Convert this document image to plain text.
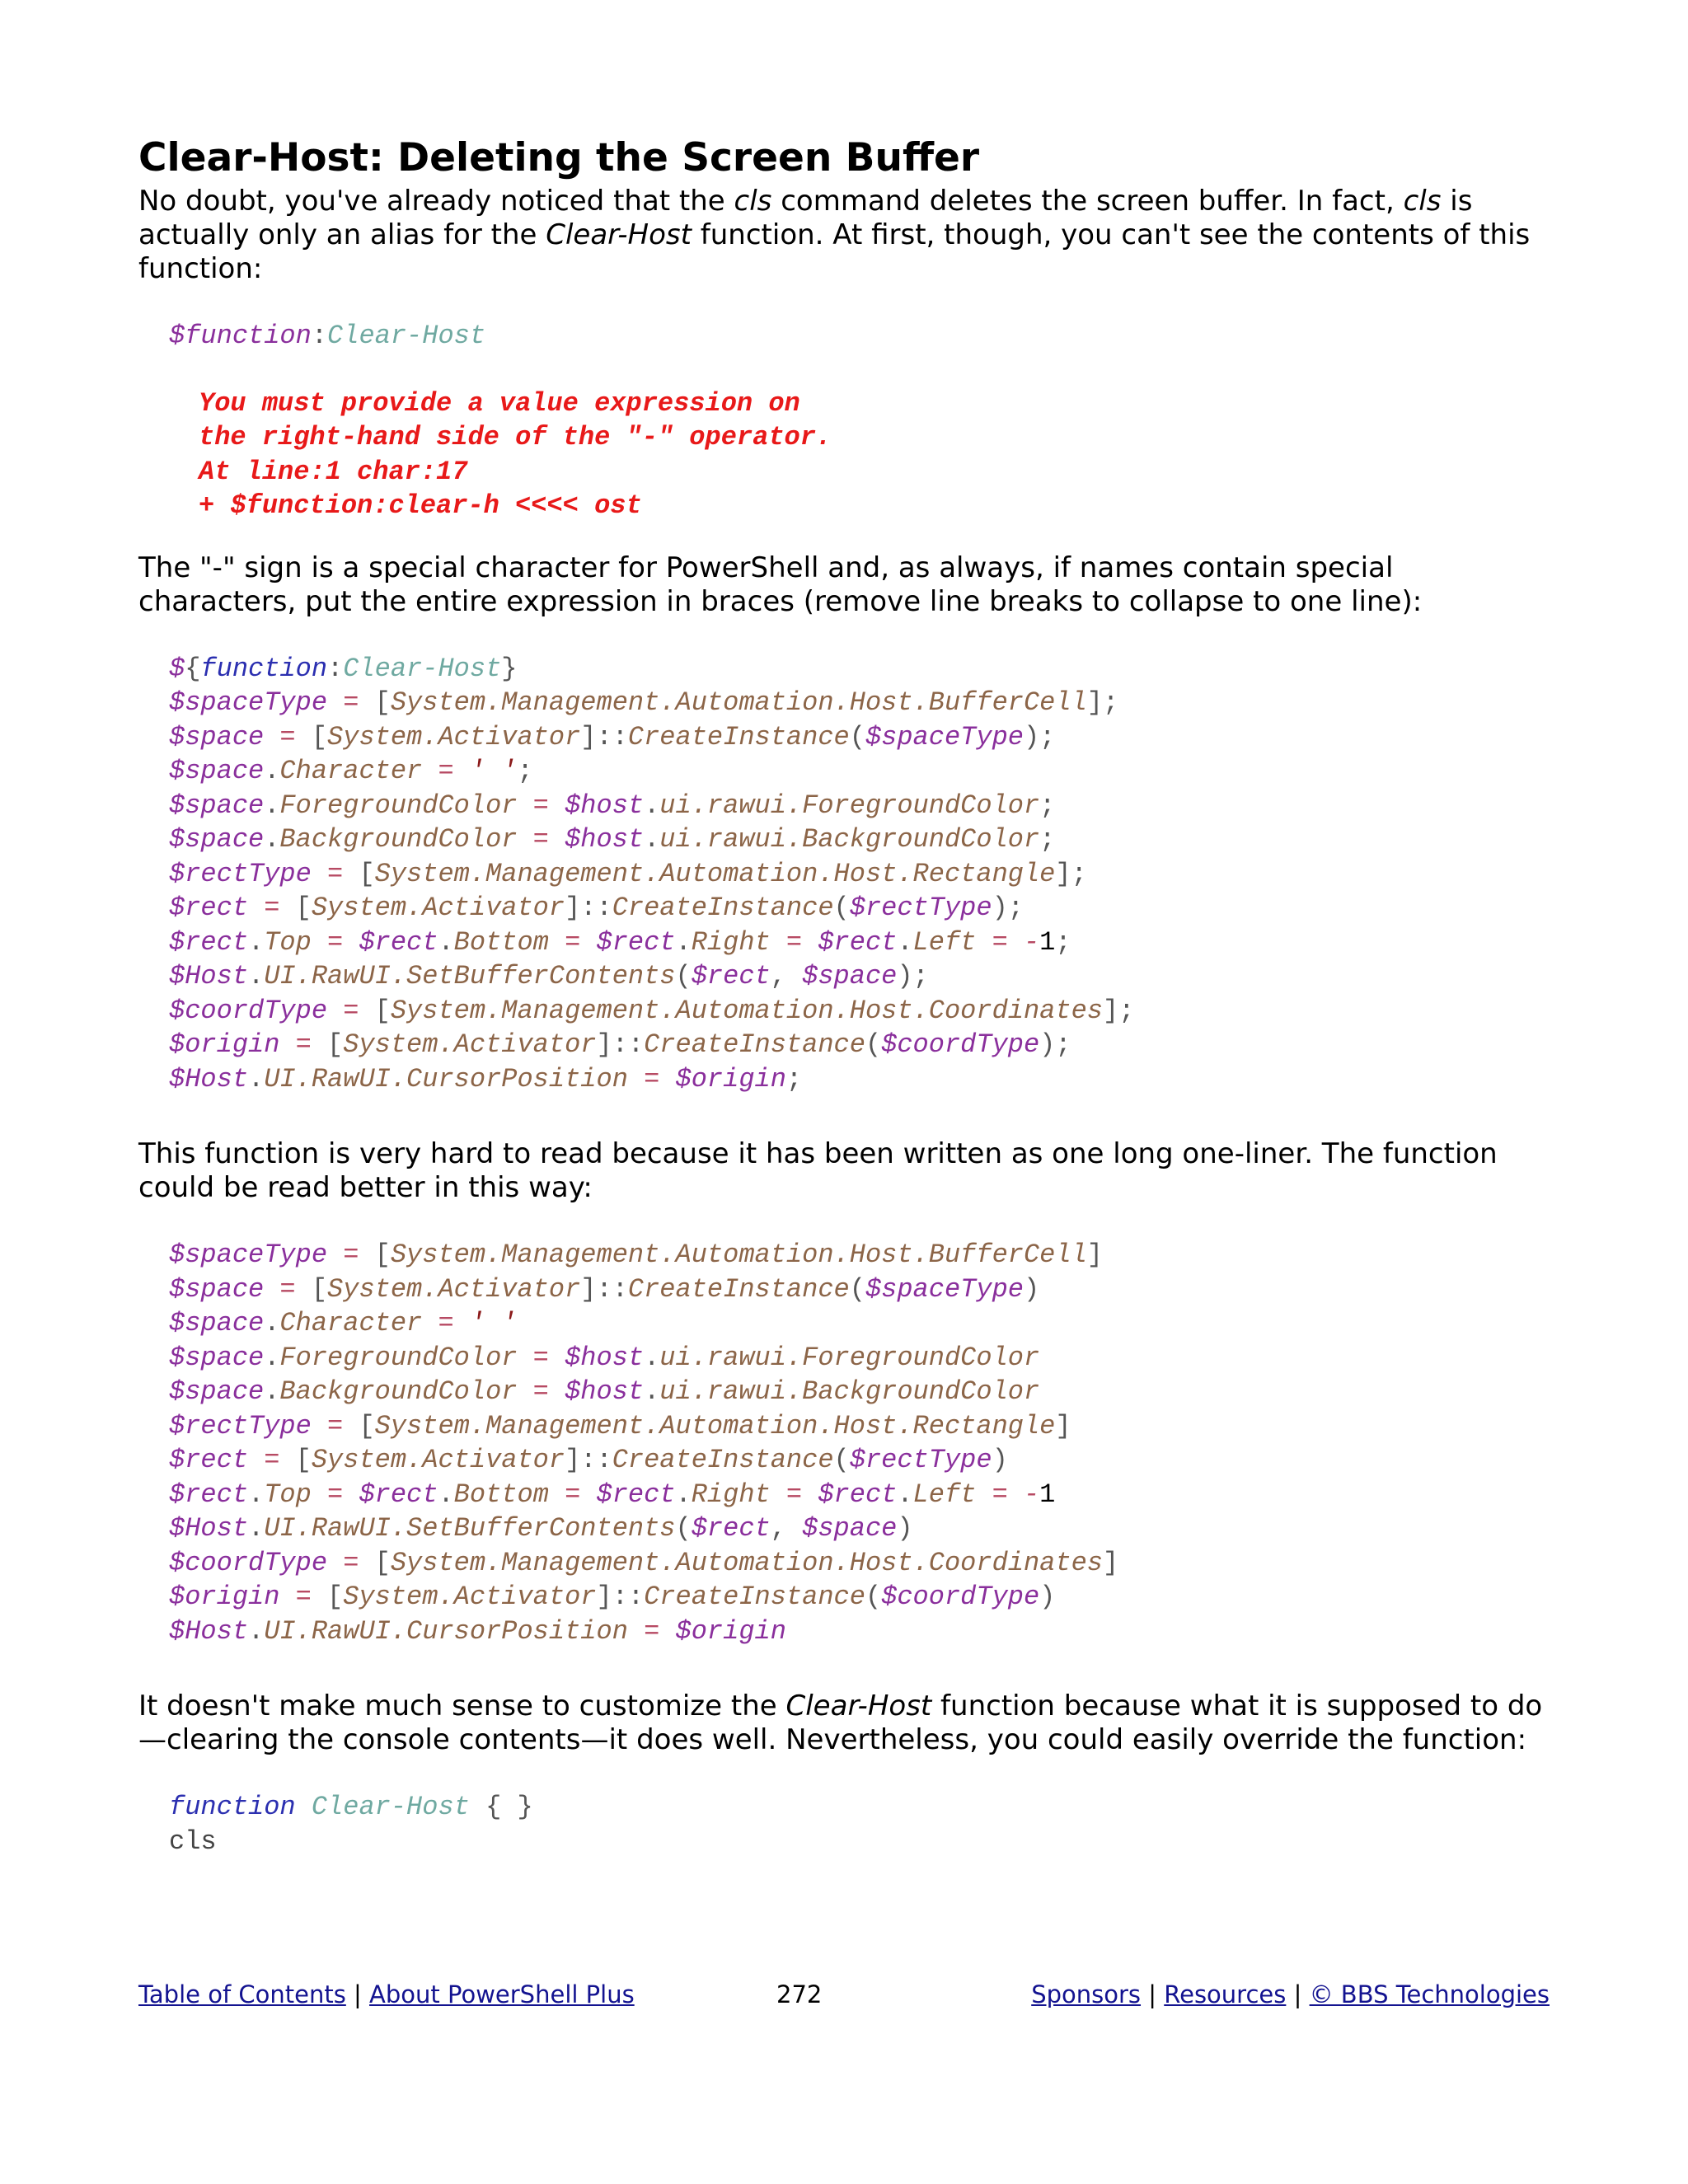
Clear-Host: Deleting the Screen Buffer

No doubt, you've already noticed that the cls command deletes the screen buffer. In fact, cls is actually only an alias for the Clear-Host function. At first, though, you can't see the contents of this function:

$function:Clear-Host
You must provide a value expression on
the right-hand side of the "-" operator.
At line:1 char:17
+ $function:clear-h <<<< ost

The "-" sign is a special character for PowerShell and, as always, if names contain special characters, put the entire expression in braces (remove line breaks to collapse to one line):

${function:Clear-Host}
$spaceType = [System.Management.Automation.Host.BufferCell];
$space = [System.Activator]::CreateInstance($spaceType);
$space.Character = ' ';
$space.ForegroundColor = $host.ui.rawui.ForegroundColor;
$space.BackgroundColor = $host.ui.rawui.BackgroundColor;
$rectType = [System.Management.Automation.Host.Rectangle];
$rect = [System.Activator]::CreateInstance($rectType);
$rect.Top = $rect.Bottom = $rect.Right = $rect.Left = -1;
$Host.UI.RawUI.SetBufferContents($rect, $space);
$coordType = [System.Management.Automation.Host.Coordinates];
$origin = [System.Activator]::CreateInstance($coordType);
$Host.UI.RawUI.CursorPosition = $origin;

This function is very hard to read because it has been written as one long one-liner. The function could be read better in this way:

$spaceType = [System.Management.Automation.Host.BufferCell]
$space = [System.Activator]::CreateInstance($spaceType)
$space.Character = ' '
$space.ForegroundColor = $host.ui.rawui.ForegroundColor
$space.BackgroundColor = $host.ui.rawui.BackgroundColor
$rectType = [System.Management.Automation.Host.Rectangle]
$rect = [System.Activator]::CreateInstance($rectType)
$rect.Top = $rect.Bottom = $rect.Right = $rect.Left = -1
$Host.UI.RawUI.SetBufferContents($rect, $space)
$coordType = [System.Management.Automation.Host.Coordinates]
$origin = [System.Activator]::CreateInstance($coordType)
$Host.UI.RawUI.CursorPosition = $origin

It doesn't make much sense to customize the Clear-Host function because what it is supposed to do—clearing the console contents—it does well. Nevertheless, you could easily override the function:

function Clear-Host { }
cls
Table of Contents | About PowerShell Plus	272	Sponsors | Resources | © BBS Technologies
